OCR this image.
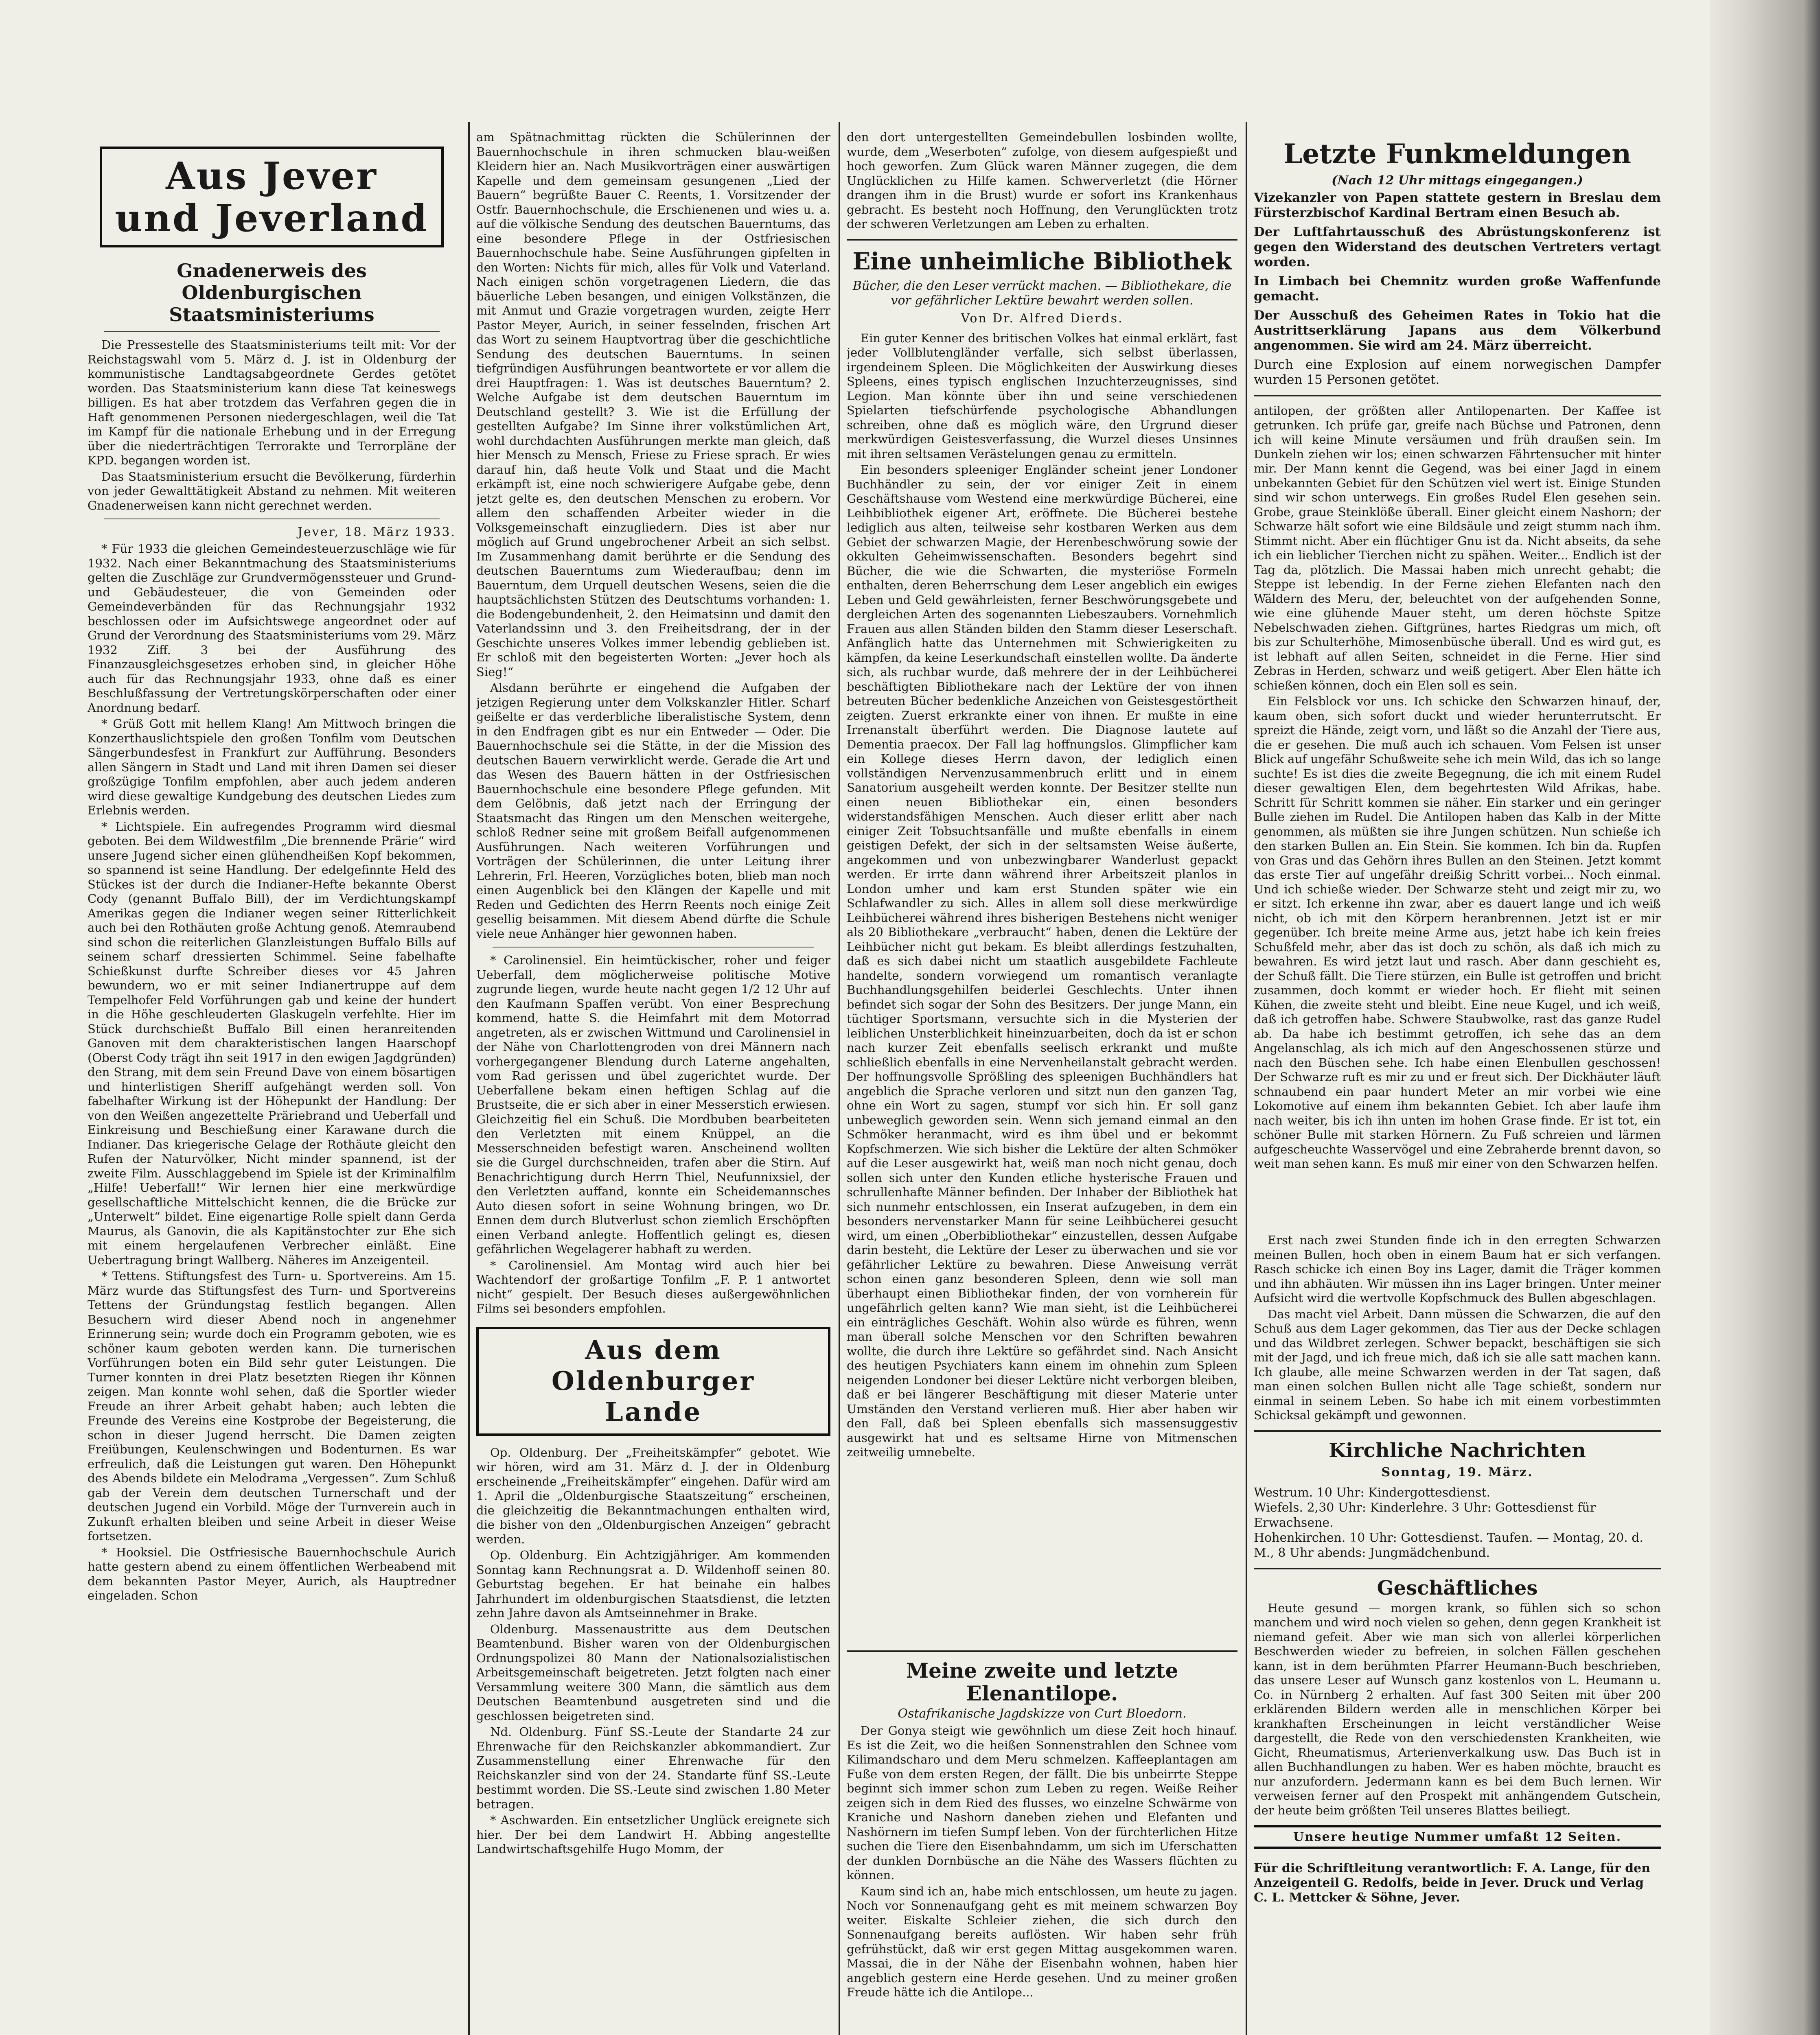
Aus Jever
und Jeverland
Gnadenerweis des Oldenburgischen Staatsministeriums

Die Pressestelle des Staatsministeriums teilt mit: Vor der Reichstagswahl vom 5. März d. J. ist in Oldenburg der kommunistische Landtagsabgeordnete Gerdes getötet worden. Das Staatsministerium kann diese Tat keineswegs billigen. Es hat aber trotzdem das Verfahren gegen die in Haft genommenen Personen niedergeschlagen, weil die Tat im Kampf für die nationale Erhebung und in der Erregung über die niederträchtigen Terrorakte und Terrorpläne der KPD. begangen worden ist.

Das Staatsministerium ersucht die Bevölkerung, fürderhin von jeder Gewalttätigkeit Abstand zu nehmen. Mit weiteren Gnadenerweisen kann nicht gerechnet werden.

Jever, 18. März 1933.

* Für 1933 die gleichen Gemeindesteuerzuschläge wie für 1932. Nach einer Bekanntmachung des Staatsministeriums gelten die Zuschläge zur Grundvermögenssteuer und Grund- und Gebäudesteuer, die von Gemeinden oder Gemeindeverbänden für das Rechnungsjahr 1932 beschlossen oder im Aufsichtswege angeordnet oder auf Grund der Verordnung des Staatsministeriums vom 29. März 1932 Ziff. 3 bei der Ausführung des Finanzausgleichsgesetzes erhoben sind, in gleicher Höhe auch für das Rechnungsjahr 1933, ohne daß es einer Beschlußfassung der Vertretungskörperschaften oder einer Anordnung bedarf.

* Grüß Gott mit hellem Klang! Am Mittwoch bringen die Konzerthauslichtspiele den großen Tonfilm vom Deutschen Sängerbundesfest in Frankfurt zur Aufführung. Besonders allen Sängern in Stadt und Land mit ihren Damen sei dieser großzügige Tonfilm empfohlen, aber auch jedem anderen wird diese gewaltige Kundgebung des deutschen Liedes zum Erlebnis werden.

* Lichtspiele. Ein aufregendes Programm wird diesmal geboten. Bei dem Wildwestfilm „Die brennende Prärie“ wird unsere Jugend sicher einen glühendheißen Kopf bekommen, so spannend ist seine Handlung. Der edelgefinnte Held des Stückes ist der durch die Indianer-Hefte bekannte Oberst Cody (genannt Buffalo Bill), der im Verdichtungskampf Amerikas gegen die Indianer wegen seiner Ritterlichkeit auch bei den Rothäuten große Achtung genoß. Atemraubend sind schon die reiterlichen Glanzleistungen Buffalo Bills auf seinem scharf dressierten Schimmel. Seine fabelhafte Schießkunst durfte Schreiber dieses vor 45 Jahren bewundern, wo er mit seiner Indianertruppe auf dem Tempelhofer Feld Vorführungen gab und keine der hundert in die Höhe geschleuderten Glaskugeln verfehlte. Hier im Stück durchschießt Buffalo Bill einen heranreitenden Ganoven mit dem charakteristischen langen Haarschopf (Oberst Cody trägt ihn seit 1917 in den ewigen Jagdgründen) den Strang, mit dem sein Freund Dave von einem bösartigen und hinterlistigen Sheriff aufgehängt werden soll. Von fabelhafter Wirkung ist der Höhepunkt der Handlung: Der von den Weißen angezettelte Präriebrand und Ueberfall und Einkreisung und Beschießung einer Karawane durch die Indianer. Das kriegerische Gelage der Rothäute gleicht den Rufen der Naturvölker, Nicht minder spannend, ist der zweite Film. Ausschlaggebend im Spiele ist der Kriminalfilm „Hilfe! Ueberfall!“ Wir lernen hier eine merkwürdige gesellschaftliche Mittelschicht kennen, die die Brücke zur „Unterwelt“ bildet. Eine eigenartige Rolle spielt dann Gerda Maurus, als Ganovin, die als Kapitänstochter zur Ehe sich mit einem hergelaufenen Verbrecher einläßt. Eine Uebertragung bringt Wallberg. Näheres im Anzeigenteil.

* Tettens. Stiftungsfest des Turn- u. Sportvereins. Am 15. März wurde das Stiftungsfest des Turn- und Sportvereins Tettens der Gründungstag festlich begangen. Allen Besuchern wird dieser Abend noch in angenehmer Erinnerung sein; wurde doch ein Programm geboten, wie es schöner kaum geboten werden kann. Die turnerischen Vorführungen boten ein Bild sehr guter Leistungen. Die Turner konnten in drei Platz besetzten Riegen ihr Können zeigen. Man konnte wohl sehen, daß die Sportler wieder Freude an ihrer Arbeit gehabt haben; auch lebten die Freunde des Vereins eine Kostprobe der Begeisterung, die schon in dieser Jugend herrscht. Die Damen zeigten Freiübungen, Keulenschwingen und Bodenturnen. Es war erfreulich, daß die Leistungen gut waren. Den Höhepunkt des Abends bildete ein Melodrama „Vergessen“. Zum Schluß gab der Verein dem deutschen Turnerschaft und der deutschen Jugend ein Vorbild. Möge der Turnverein auch in Zukunft erhalten bleiben und seine Arbeit in dieser Weise fortsetzen.

* Hooksiel. Die Ostfriesische Bauernhochschule Aurich hatte gestern abend zu einem öffentlichen Werbeabend mit dem bekannten Pastor Meyer, Aurich, als Hauptredner eingeladen. Schon

am Spätnachmittag rückten die Schülerinnen der Bauernhochschule in ihren schmucken blau-weißen Kleidern hier an. Nach Musikvorträgen einer auswärtigen Kapelle und dem gemeinsam gesungenen „Lied der Bauern“ begrüßte Bauer C. Reents, 1. Vorsitzender der Ostfr. Bauernhochschule, die Erschienenen und wies u. a. auf die völkische Sendung des deutschen Bauerntums, das eine besondere Pflege in der Ostfriesischen Bauernhochschule habe. Seine Ausführungen gipfelten in den Worten: Nichts für mich, alles für Volk und Vaterland. Nach einigen schön vorgetragenen Liedern, die das bäuerliche Leben besangen, und einigen Volkstänzen, die mit Anmut und Grazie vorgetragen wurden, zeigte Herr Pastor Meyer, Aurich, in seiner fesselnden, frischen Art das Wort zu seinem Hauptvortrag über die geschichtliche Sendung des deutschen Bauerntums. In seinen tiefgründigen Ausführungen beantwortete er vor allem die drei Hauptfragen: 1. Was ist deutsches Bauerntum? 2. Welche Aufgabe ist dem deutschen Bauerntum im Deutschland gestellt? 3. Wie ist die Erfüllung der gestellten Aufgabe? Im Sinne ihrer volkstümlichen Art, wohl durchdachten Ausführungen merkte man gleich, daß hier Mensch zu Mensch, Friese zu Friese sprach. Er wies darauf hin, daß heute Volk und Staat und die Macht erkämpft ist, eine noch schwierigere Aufgabe gebe, denn jetzt gelte es, den deutschen Menschen zu erobern. Vor allem den schaffenden Arbeiter wieder in die Volksgemeinschaft einzugliedern. Dies ist aber nur möglich auf Grund ungebrochener Arbeit an sich selbst. Im Zusammenhang damit berührte er die Sendung des deutschen Bauerntums zum Wiederaufbau; denn im Bauerntum, dem Urquell deutschen Wesens, seien die die hauptsächlichsten Stützen des Deutschtums vorhanden: 1. die Bodengebundenheit, 2. den Heimatsinn und damit den Vaterlandssinn und 3. den Freiheitsdrang, der in der Geschichte unseres Volkes immer lebendig geblieben ist. Er schloß mit den begeisterten Worten: „Jever hoch als Sieg!“

Alsdann berührte er eingehend die Aufgaben der jetzigen Regierung unter dem Volkskanzler Hitler. Scharf geißelte er das verderbliche liberalistische System, denn in den Endfragen gibt es nur ein Entweder — Oder. Die Bauernhochschule sei die Stätte, in der die Mission des deutschen Bauern verwirklicht werde. Gerade die Art und das Wesen des Bauern hätten in der Ostfriesischen Bauernhochschule eine besondere Pflege gefunden. Mit dem Gelöbnis, daß jetzt nach der Erringung der Staatsmacht das Ringen um den Menschen weitergehe, schloß Redner seine mit großem Beifall aufgenommenen Ausführungen. Nach weiteren Vorführungen und Vorträgen der Schülerinnen, die unter Leitung ihrer Lehrerin, Frl. Heeren, Vorzügliches boten, blieb man noch einen Augenblick bei den Klängen der Kapelle und mit Reden und Gedichten des Herrn Reents noch einige Zeit gesellig beisammen. Mit diesem Abend dürfte die Schule viele neue Anhänger hier gewonnen haben.

* Carolinensiel. Ein heimtückischer, roher und feiger Ueberfall, dem möglicherweise politische Motive zugrunde liegen, wurde heute nacht gegen 1/2 12 Uhr auf den Kaufmann Spaffen verübt. Von einer Besprechung kommend, hatte S. die Heimfahrt mit dem Motorrad angetreten, als er zwischen Wittmund und Carolinensiel in der Nähe von Charlottengroden von drei Männern nach vorhergegangener Blendung durch Laterne angehalten, vom Rad gerissen und übel zugerichtet wurde. Der Ueberfallene bekam einen heftigen Schlag auf die Brustseite, die er sich aber in einer Messerstich erwiesen. Gleichzeitig fiel ein Schuß. Die Mordbuben bearbeiteten den Verletzten mit einem Knüppel, an die Messerschneiden befestigt waren. Anscheinend wollten sie die Gurgel durchschneiden, trafen aber die Stirn. Auf Benachrichtigung durch Herrn Thiel, Neufunnixsiel, der den Verletzten auffand, konnte ein Scheidemannsches Auto diesen sofort in seine Wohnung bringen, wo Dr. Ennen dem durch Blutverlust schon ziemlich Erschöpften einen Verband anlegte. Hoffentlich gelingt es, diesen gefährlichen Wegelagerer habhaft zu werden.

* Carolinensiel. Am Montag wird auch hier bei Wachtendorf der großartige Tonfilm „F. P. 1 antwortet nicht“ gespielt. Der Besuch dieses außergewöhnlichen Films sei besonders empfohlen.

Aus dem Oldenburger
Lande

Op. Oldenburg. Der „Freiheitskämpfer“ gebotet. Wie wir hören, wird am 31. März d. J. der in Oldenburg erscheinende „Freiheitskämpfer“ eingehen. Dafür wird am 1. April die „Oldenburgische Staatszeitung“ erscheinen, die gleichzeitig die Bekanntmachungen enthalten wird, die bisher von den „Oldenburgischen Anzeigen“ gebracht werden.

Op. Oldenburg. Ein Achtzigjähriger. Am kommenden Sonntag kann Rechnungsrat a. D. Wildenhoff seinen 80. Geburtstag begehen. Er hat beinahe ein halbes Jahrhundert im oldenburgischen Staatsdienst, die letzten zehn Jahre davon als Amtseinnehmer in Brake.

Oldenburg. Massenaustritte aus dem Deutschen Beamtenbund. Bisher waren von der Oldenburgischen Ordnungspolizei 80 Mann der Nationalsozialistischen Arbeitsgemeinschaft beigetreten. Jetzt folgten nach einer Versammlung weitere 300 Mann, die sämtlich aus dem Deutschen Beamtenbund ausgetreten sind und die geschlossen beigetreten sind.

Nd. Oldenburg. Fünf SS.-Leute der Standarte 24 zur Ehrenwache für den Reichskanzler abkommandiert. Zur Zusammenstellung einer Ehrenwache für den Reichskanzler sind von der 24. Standarte fünf SS.-Leute bestimmt worden. Die SS.-Leute sind zwischen 1.80 Meter betragen.

* Aschwarden. Ein entsetzlicher Unglück ereignete sich hier. Der bei dem Landwirt H. Abbing angestellte Landwirtschaftsgehilfe Hugo Momm, der

den dort untergestellten Gemeindebullen losbinden wollte, wurde, dem „Weserboten“ zufolge, von diesem aufgespießt und hoch geworfen. Zum Glück waren Männer zugegen, die dem Unglücklichen zu Hilfe kamen. Schwerverletzt (die Hörner drangen ihm in die Brust) wurde er sofort ins Krankenhaus gebracht. Es besteht noch Hoffnung, den Verunglückten trotz der schweren Verletzungen am Leben zu erhalten.

Eine unheimliche Bibliothek
Bücher, die den Leser verrückt machen. — Bibliothekare, die vor gefährlicher Lektüre bewahrt werden sollen.
Von Dr. Alfred Dierds.

Ein guter Kenner des britischen Volkes hat einmal erklärt, fast jeder Vollblutengländer verfalle, sich selbst überlassen, irgendeinem Spleen. Die Möglichkeiten der Auswirkung dieses Spleens, eines typisch englischen Inzuchterzeugnisses, sind Legion. Man könnte über ihn und seine verschiedenen Spielarten tiefschürfende psychologische Abhandlungen schreiben, ohne daß es möglich wäre, den Urgrund dieser merkwürdigen Geistesverfassung, die Wurzel dieses Unsinnes mit ihren seltsamen Verästelungen genau zu ermitteln.

Ein besonders spleeniger Engländer scheint jener Londoner Buchhändler zu sein, der vor einiger Zeit in einem Geschäftshause vom Westend eine merkwürdige Bücherei, eine Leihbibliothek eigener Art, eröffnete. Die Bücherei bestehe lediglich aus alten, teilweise sehr kostbaren Werken aus dem Gebiet der schwarzen Magie, der Herenbeschwörung sowie der okkulten Geheimwissenschaften. Besonders begehrt sind Bücher, die wie die Schwarten, die mysteriöse Formeln enthalten, deren Beherrschung dem Leser angeblich ein ewiges Leben und Geld gewährleisten, ferner Beschwörungsgebete und dergleichen Arten des sogenannten Liebeszaubers. Vornehmlich Frauen aus allen Ständen bilden den Stamm dieser Leserschaft. Anfänglich hatte das Unternehmen mit Schwierigkeiten zu kämpfen, da keine Leserkundschaft einstellen wollte. Da änderte sich, als ruchbar wurde, daß mehrere der in der Leihbücherei beschäftigten Bibliothekare nach der Lektüre der von ihnen betreuten Bücher bedenkliche Anzeichen von Geistesgestörtheit zeigten. Zuerst erkrankte einer von ihnen. Er mußte in eine Irrenanstalt überführt werden. Die Diagnose lautete auf Dementia praecox. Der Fall lag hoffnungslos. Glimpflicher kam ein Kollege dieses Herrn davon, der lediglich einen vollständigen Nervenzusammenbruch erlitt und in einem Sanatorium ausgeheilt werden konnte. Der Besitzer stellte nun einen neuen Bibliothekar ein, einen besonders widerstandsfähigen Menschen. Auch dieser erlitt aber nach einiger Zeit Tobsuchtsanfälle und mußte ebenfalls in einem geistigen Defekt, der sich in der seltsamsten Weise äußerte, angekommen und von unbezwingbarer Wanderlust gepackt werden. Er irrte dann während ihrer Arbeitszeit planlos in London umher und kam erst Stunden später wie ein Schlafwandler zu sich. Alles in allem soll diese merkwürdige Leihbücherei während ihres bisherigen Bestehens nicht weniger als 20 Bibliothekare „verbraucht“ haben, denen die Lektüre der Leihbücher nicht gut bekam. Es bleibt allerdings festzuhalten, daß es sich dabei nicht um staatlich ausgebildete Fachleute handelte, sondern vorwiegend um romantisch veranlagte Buchhandlungsgehilfen beiderlei Geschlechts. Unter ihnen befindet sich sogar der Sohn des Besitzers. Der junge Mann, ein tüchtiger Sportsmann, versuchte sich in die Mysterien der leiblichen Unsterblichkeit hineinzuarbeiten, doch da ist er schon nach kurzer Zeit ebenfalls seelisch erkrankt und mußte schließlich ebenfalls in eine Nervenheilanstalt gebracht werden. Der hoffnungsvolle Sprößling des spleenigen Buchhändlers hat angeblich die Sprache verloren und sitzt nun den ganzen Tag, ohne ein Wort zu sagen, stumpf vor sich hin. Er soll ganz unbeweglich geworden sein. Wenn sich jemand einmal an den Schmöker heranmacht, wird es ihm übel und er bekommt Kopfschmerzen. Wie sich bisher die Lektüre der alten Schmöker auf die Leser ausgewirkt hat, weiß man noch nicht genau, doch sollen sich unter den Kunden etliche hysterische Frauen und schrullenhafte Männer befinden. Der Inhaber der Bibliothek hat sich nunmehr entschlossen, ein Inserat aufzugeben, in dem ein besonders nervenstarker Mann für seine Leihbücherei gesucht wird, um einen „Oberbibliothekar“ einzustellen, dessen Aufgabe darin besteht, die Lektüre der Leser zu überwachen und sie vor gefährlicher Lektüre zu bewahren. Diese Anweisung verrät schon einen ganz besonderen Spleen, denn wie soll man überhaupt einen Bibliothekar finden, der von vornherein für ungefährlich gelten kann? Wie man sieht, ist die Leihbücherei ein einträgliches Geschäft. Wohin also würde es führen, wenn man überall solche Menschen vor den Schriften bewahren wollte, die durch ihre Lektüre so gefährdet sind. Nach Ansicht des heutigen Psychiaters kann einem im ohnehin zum Spleen neigenden Londoner bei dieser Lektüre nicht verborgen bleiben, daß er bei längerer Beschäftigung mit dieser Materie unter Umständen den Verstand verlieren muß. Hier aber haben wir den Fall, daß bei Spleen ebenfalls sich massensuggestiv ausgewirkt hat und es seltsame Hirne von Mitmenschen zeitweilig umnebelte.

Meine zweite und letzte Elenantilope.
Ostafrikanische Jagdskizze von Curt Bloedorn.

Der Gonya steigt wie gewöhnlich um diese Zeit hoch hinauf. Es ist die Zeit, wo die heißen Sonnenstrahlen den Schnee vom Kilimandscharo und dem Meru schmelzen. Kaffeeplantagen am Fuße von dem ersten Regen, der fällt. Die bis unbeirrte Steppe beginnt sich immer schon zum Leben zu regen. Weiße Reiher zeigen sich in dem Ried des flusses, wo einzelne Schwärme von Kraniche und Nashorn daneben ziehen und Elefanten und Nashörnern im tiefen Sumpf leben. Von der fürchterlichen Hitze suchen die Tiere den Eisenbahndamm, um sich im Uferschatten der dunklen Dornbüsche an die Nähe des Wassers flüchten zu können.

Kaum sind ich an, habe mich entschlossen, um heute zu jagen. Noch vor Sonnenaufgang geht es mit meinem schwarzen Boy weiter. Eiskalte Schleier ziehen, die sich durch den Sonnenaufgang bereits auflösten. Wir haben sehr früh gefrühstückt, daß wir erst gegen Mittag ausgekommen waren. Massai, die in der Nähe der Eisenbahn wohnen, haben hier angeblich gestern eine Herde gesehen. Und zu meiner großen Freude hätte ich die Antilope...

Letzte Funkmeldungen
(Nach 12 Uhr mittags eingegangen.)

Vizekanzler von Papen stattete gestern in Breslau dem Fürsterzbischof Kardinal Bertram einen Besuch ab.

Der Luftfahrtausschuß des Abrüstungskonferenz ist gegen den Widerstand des deutschen Vertreters vertagt worden.

In Limbach bei Chemnitz wurden große Waffenfunde gemacht.

Der Ausschuß des Geheimen Rates in Tokio hat die Austrittserklärung Japans aus dem Völkerbund angenommen. Sie wird am 24. März überreicht.

Durch eine Explosion auf einem norwegischen Dampfer wurden 15 Personen getötet.

antilopen, der größten aller Antilopenarten. Der Kaffee ist getrunken. Ich prüfe gar, greife nach Büchse und Patronen, denn ich will keine Minute versäumen und früh draußen sein. Im Dunkeln ziehen wir los; einen schwarzen Fährtensucher mit hinter mir. Der Mann kennt die Gegend, was bei einer Jagd in einem unbekannten Gebiet für den Schützen viel wert ist. Einige Stunden sind wir schon unterwegs. Ein großes Rudel Elen gesehen sein. Grobe, graue Steinklöße überall. Einer gleicht einem Nashorn; der Schwarze hält sofort wie eine Bildsäule und zeigt stumm nach ihm. Stimmt nicht. Aber ein flüchtiger Gnu ist da. Nicht abseits, da sehe ich ein lieblicher Tierchen nicht zu spähen. Weiter... Endlich ist der Tag da, plötzlich. Die Massai haben mich unrecht gehabt; die Steppe ist lebendig. In der Ferne ziehen Elefanten nach den Wäldern des Meru, der, beleuchtet von der aufgehenden Sonne, wie eine glühende Mauer steht, um deren höchste Spitze Nebelschwaden ziehen. Giftgrünes, hartes Riedgras um mich, oft bis zur Schulterhöhe, Mimosenbüsche überall. Und es wird gut, es ist lebhaft auf allen Seiten, schneidet in die Ferne. Hier sind Zebras in Herden, schwarz und weiß getigert. Aber Elen hätte ich schießen können, doch ein Elen soll es sein.

Ein Felsblock vor uns. Ich schicke den Schwarzen hinauf, der, kaum oben, sich sofort duckt und wieder herunterrutscht. Er spreizt die Hände, zeigt vorn, und läßt so die Anzahl der Tiere aus, die er gesehen. Die muß auch ich schauen. Vom Felsen ist unser Blick auf ungefähr Schußweite sehe ich mein Wild, das ich so lange suchte! Es ist dies die zweite Begegnung, die ich mit einem Rudel dieser gewaltigen Elen, dem begehrtesten Wild Afrikas, habe. Schritt für Schritt kommen sie näher. Ein starker und ein geringer Bulle ziehen im Rudel. Die Antilopen haben das Kalb in der Mitte genommen, als müßten sie ihre Jungen schützen. Nun schieße ich den starken Bullen an. Ein Stein. Sie kommen. Ich bin da. Rupfen von Gras und das Gehörn ihres Bullen an den Steinen. Jetzt kommt das erste Tier auf ungefähr dreißig Schritt vorbei... Noch einmal. Und ich schieße wieder. Der Schwarze steht und zeigt mir zu, wo er sitzt. Ich erkenne ihn zwar, aber es dauert lange und ich weiß nicht, ob ich mit den Körpern heranbrennen. Jetzt ist er mir gegenüber. Ich breite meine Arme aus, jetzt habe ich kein freies Schußfeld mehr, aber das ist doch zu schön, als daß ich mich zu bewahren. Es wird jetzt laut und rasch. Aber dann geschieht es, der Schuß fällt. Die Tiere stürzen, ein Bulle ist getroffen und bricht zusammen, doch kommt er wieder hoch. Er flieht mit seinen Kühen, die zweite steht und bleibt. Eine neue Kugel, und ich weiß, daß ich getroffen habe. Schwere Staubwolke, rast das ganze Rudel ab. Da habe ich bestimmt getroffen, ich sehe das an dem Angelanschlag, als ich mich auf den Angeschossenen stürze und nach den Büschen sehe. Ich habe einen Elenbullen geschossen! Der Schwarze ruft es mir zu und er freut sich. Der Dickhäuter läuft schnaubend ein paar hundert Meter an mir vorbei wie eine Lokomotive auf einem ihm bekannten Gebiet. Ich aber laufe ihm nach weiter, bis ich ihn unten im hohen Grase finde. Er ist tot, ein schöner Bulle mit starken Hörnern. Zu Fuß schreien und lärmen aufgescheuchte Wasservögel und eine Zebraherde brennt davon, so weit man sehen kann. Es muß mir einer von den Schwarzen helfen.

Erst nach zwei Stunden finde ich in den erregten Schwarzen meinen Bullen, hoch oben in einem Baum hat er sich verfangen. Rasch schicke ich einen Boy ins Lager, damit die Träger kommen und ihn abhäuten. Wir müssen ihn ins Lager bringen. Unter meiner Aufsicht wird die wertvolle Kopfschmuck des Bullen abgeschlagen.

Das macht viel Arbeit. Dann müssen die Schwarzen, die auf den Schuß aus dem Lager gekommen, das Tier aus der Decke schlagen und das Wildbret zerlegen. Schwer bepackt, beschäftigen sie sich mit der Jagd, und ich freue mich, daß ich sie alle satt machen kann. Ich glaube, alle meine Schwarzen werden in der Tat sagen, daß man einen solchen Bullen nicht alle Tage schießt, sondern nur einmal in seinem Leben. So habe ich mit einem vorbestimmten Schicksal gekämpft und gewonnen.

Kirchliche Nachrichten
Sonntag, 19. März.

Westrum. 10 Uhr: Kindergottesdienst.

Wiefels. 2,30 Uhr: Kinderlehre. 3 Uhr: Gottesdienst für Erwachsene.

Hohenkirchen. 10 Uhr: Gottesdienst. Taufen. — Montag, 20. d. M., 8 Uhr abends: Jungmädchenbund.

Geschäftliches

Heute gesund — morgen krank, so fühlen sich so schon manchem und wird noch vielen so gehen, denn gegen Krankheit ist niemand gefeit. Aber wie man sich von allerlei körperlichen Beschwerden wieder zu befreien, in solchen Fällen geschehen kann, ist in dem berühmten Pfarrer Heumann-Buch beschrieben, das unsere Leser auf Wunsch ganz kostenlos von L. Heumann u. Co. in Nürnberg 2 erhalten. Auf fast 300 Seiten mit über 200 erklärenden Bildern werden alle in menschlichen Körper bei krankhaften Erscheinungen in leicht verständlicher Weise dargestellt, die Rede von den verschiedensten Krankheiten, wie Gicht, Rheumatismus, Arterienverkalkung usw. Das Buch ist in allen Buchhandlungen zu haben. Wer es haben möchte, braucht es nur anzufordern. Jedermann kann es bei dem Buch lernen. Wir verweisen ferner auf den Prospekt mit anhängendem Gutschein, der heute beim größten Teil unseres Blattes beiliegt.

Unsere heutige Nummer umfaßt 12 Seiten.

Für die Schriftleitung verantwortlich: F. A. Lange, für den Anzeigenteil G. Redolfs, beide in Jever. Druck und Verlag C. L. Mettcker & Söhne, Jever.
